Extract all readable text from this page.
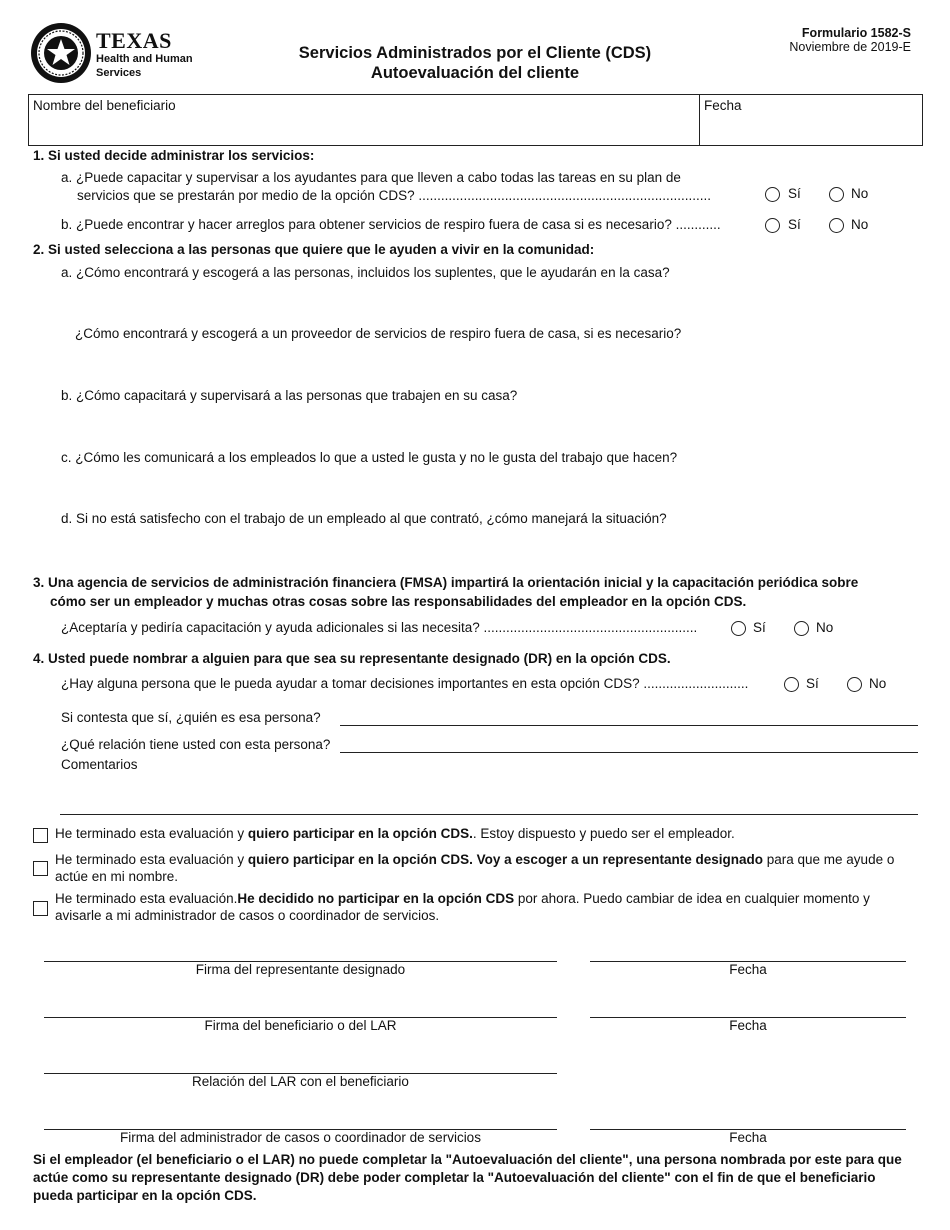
TEXAS
Health and Human
Services
Servicios Administrados por el Cliente (CDS)
Autoevaluación del cliente
Formulario 1582-S
Noviembre de 2019-E
Nombre del beneficiario	Fecha
1. Si usted decide administrar los servicios:
a. ¿Puede capacitar y supervisar a los ayudantes para que lleven a cabo todas las tareas en su plan de
servicios que se prestarán por medio de la opción CDS? ..............................................................................	Sí	No
b. ¿Puede encontrar y hacer arreglos para obtener servicios de respiro fuera de casa si es necesario? ............	Sí	No
2. Si usted selecciona a las personas que quiere que le ayuden a vivir en la comunidad:
a. ¿Cómo encontrará y escogerá a las personas, incluidos los suplentes, que le ayudarán en la casa?
¿Cómo encontrará y escogerá a un proveedor de servicios de respiro fuera de casa, si es necesario?
b. ¿Cómo capacitará y supervisará a las personas que trabajen en su casa?
c. ¿Cómo les comunicará a los empleados lo que a usted le gusta y no le gusta del trabajo que hacen?
d. Si no está satisfecho con el trabajo de un empleado al que contrató, ¿cómo manejará la situación?
3. Una agencia de servicios de administración financiera (FMSA) impartirá la orientación inicial y la capacitación periódica sobre
cómo ser un empleador y muchas otras cosas sobre las responsabilidades del empleador en la opción CDS.
¿Aceptaría y pediría capacitación y ayuda adicionales si las necesita? .........................................................	Sí	No
4. Usted puede nombrar a alguien para que sea su representante designado (DR) en la opción CDS.
¿Hay alguna persona que le pueda ayudar a tomar decisiones importantes en esta opción CDS? ............................	Sí	No
Si contesta que sí, ¿quién es esa persona?
¿Qué relación tiene usted con esta persona?
Comentarios
He terminado esta evaluación y quiero participar en la opción CDS.. Estoy dispuesto y puedo ser el empleador.
He terminado esta evaluación y quiero participar en la opción CDS. Voy a escoger a un representante designado para que me ayude o actúe en mi nombre.
He terminado esta evaluación.He decidido no participar en la opción CDS por ahora. Puedo cambiar de idea en cualquier momento y avisarle a mi administrador de casos o coordinador de servicios.
Firma del representante designado	Fecha
Firma del beneficiario o del LAR	Fecha
Relación del LAR con el beneficiario
Firma del administrador de casos o coordinador de servicios	Fecha
Si el empleador (el beneficiario o el LAR) no puede completar la "Autoevaluación del cliente", una persona nombrada por este para que actúe como su representante designado (DR) debe poder completar la "Autoevaluación del cliente" con el fin de que el beneficiario pueda participar en la opción CDS.
